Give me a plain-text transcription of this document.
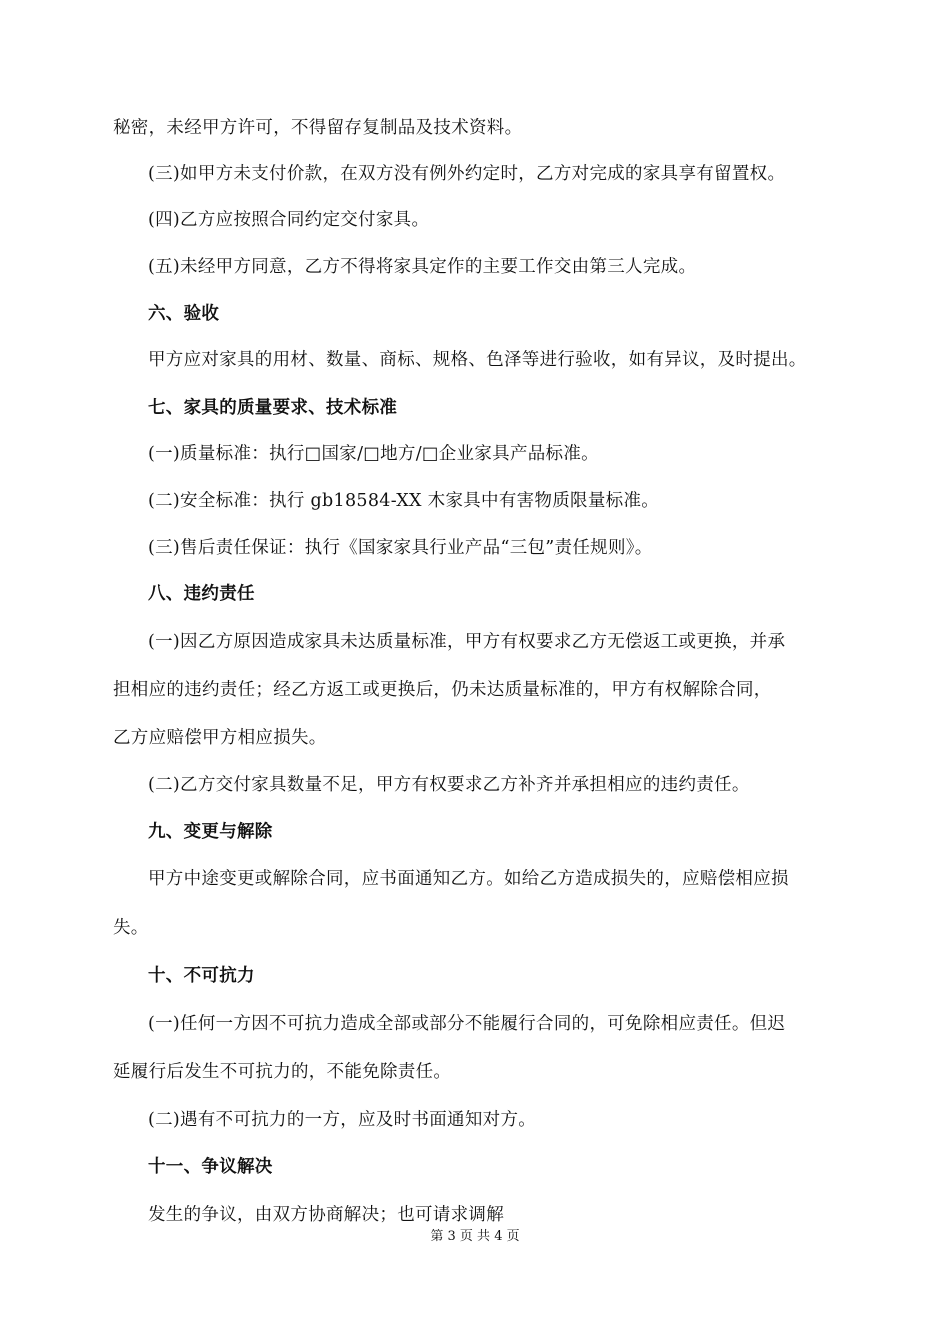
秘密，未经甲方许可，不得留存复制品及技术资料。
(三)如甲方未支付价款，在双方没有例外约定时，乙方对完成的家具享有留置权。
(四)乙方应按照合同约定交付家具。
(五)未经甲方同意，乙方不得将家具定作的主要工作交由第三人完成。
六、验收
甲方应对家具的用材、数量、商标、规格、色泽等进行验收，如有异议，及时提出。
七、家具的质量要求、技术标准
(一)质量标准：执行□国家/□地方/□企业家具产品标准。
(二)安全标准：执行 gb18584-XX 木家具中有害物质限量标准。
(三)售后责任保证：执行《国家家具行业产品“三包”责任规则》。
八、违约责任
(一)因乙方原因造成家具未达质量标准，甲方有权要求乙方无偿返工或更换，并承
担相应的违约责任；经乙方返工或更换后，仍未达质量标准的，甲方有权解除合同，
乙方应赔偿甲方相应损失。
(二)乙方交付家具数量不足，甲方有权要求乙方补齐并承担相应的违约责任。
九、变更与解除
甲方中途变更或解除合同，应书面通知乙方。如给乙方造成损失的，应赔偿相应损
失。
十、不可抗力
(一)任何一方因不可抗力造成全部或部分不能履行合同的，可免除相应责任。但迟
延履行后发生不可抗力的，不能免除责任。
(二)遇有不可抗力的一方，应及时书面通知对方。
十一、争议解决
发生的争议，由双方协商解决；也可请求调解
第 3 页 共 4 页
